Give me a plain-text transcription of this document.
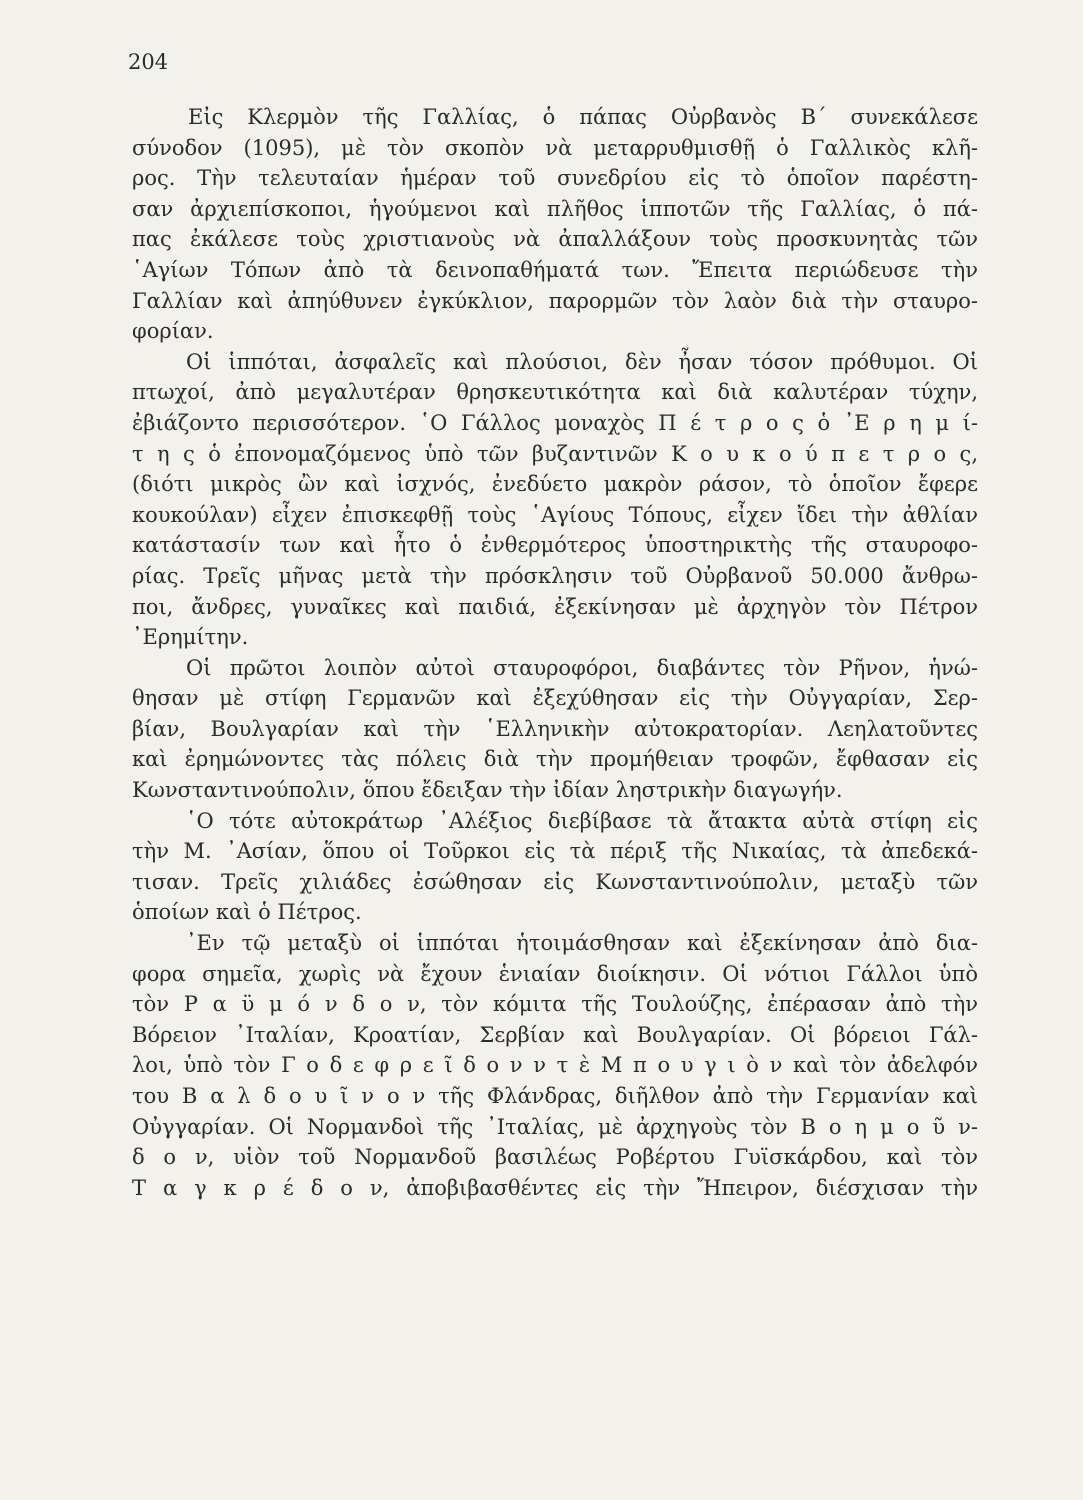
204
Εἰς Κλερμὸν τῆς Γαλλίας, ὁ πάπας Οὐρβανὸς Β΄ συνεκάλεσε
σύνοδον (1095), μὲ τὸν σκοπὸν νὰ μεταρρυθμισθῇ ὁ Γαλλικὸς κλῆ-
ρος. Τὴν τελευταίαν ἡμέραν τοῦ συνεδρίου εἰς τὸ ὁποῖον παρέστη-
σαν ἀρχιεπίσκοποι, ἡγούμενοι καὶ πλῆθος ἱπποτῶν τῆς Γαλλίας, ὁ πά-
πας ἐκάλεσε τοὺς χριστιανοὺς νὰ ἀπαλλάξουν τοὺς προσκυνητὰς τῶν
῾Αγίων Τόπων ἀπὸ τὰ δεινοπαθήματά των. Ἔπειτα περιώδευσε τὴν
Γαλλίαν καὶ ἀπηύθυνεν ἐγκύκλιον, παρορμῶν τὸν λαὸν διὰ τὴν σταυρο-
φορίαν.
Οἱ ἱππόται, ἀσφαλεῖς καὶ πλούσιοι, δὲν ἦσαν τόσον πρόθυμοι. Οἱ
πτωχοί, ἀπὸ μεγαλυτέραν θρησκευτικότητα καὶ διὰ καλυτέραν τύχην,
ἐβιάζοντο περισσότερον. ῾Ο Γάλλος μοναχὸς Π έ τ ρ ο ς ὁ ᾿Ε ρ η μ ί-
τ η ς ὁ ἐπονομαζόμενος ὑπὸ τῶν βυζαντινῶν Κ ο υ κ ο ύ π ε τ ρ ο ς,
(διότι μικρὸς ὢν καὶ ἰσχνός, ἐνεδύετο μακρὸν ράσον, τὸ ὁποῖον ἔφερε
κουκούλαν) εἶχεν ἐπισκεφθῇ τοὺς ῾Αγίους Τόπους, εἶχεν ἴδει τὴν ἀθλίαν
κατάστασίν των καὶ ἦτο ὁ ἐνθερμότερος ὑποστηρικτὴς τῆς σταυροφο-
ρίας. Τρεῖς μῆνας μετὰ τὴν πρόσκλησιν τοῦ Οὐρβανοῦ 50.000 ἄνθρω-
ποι, ἄνδρες, γυναῖκες καὶ παιδιά, ἐξεκίνησαν μὲ ἀρχηγὸν τὸν Πέτρον
᾿Ερημίτην.
Οἱ πρῶτοι λοιπὸν αὐτοὶ σταυροφόροι, διαβάντες τὸν Ρῆνον, ἡνώ-
θησαν μὲ στίφη Γερμανῶν καὶ ἐξεχύθησαν εἰς τὴν Οὐγγαρίαν, Σερ-
βίαν, Βουλγαρίαν καὶ τὴν ῾Ελληνικὴν αὐτοκρατορίαν. Λεηλατοῦντες
καὶ ἐρημώνοντες τὰς πόλεις διὰ τὴν προμήθειαν τροφῶν, ἔφθασαν εἰς
Κωνσταντινούπολιν, ὅπου ἔδειξαν τὴν ἰδίαν ληστρικὴν διαγωγήν.
῾Ο τότε αὐτοκράτωρ ᾿Αλέξιος διεβίβασε τὰ ἄτακτα αὐτὰ στίφη εἰς
τὴν Μ. ᾿Ασίαν, ὅπου οἱ Τοῦρκοι εἰς τὰ πέριξ τῆς Νικαίας, τὰ ἀπεδεκά-
τισαν. Τρεῖς χιλιάδες ἐσώθησαν εἰς Κωνσταντινούπολιν, μεταξὺ τῶν
ὁποίων καὶ ὁ Πέτρος.
᾿Εν τῷ μεταξὺ οἱ ἱππόται ἡτοιμάσθησαν καὶ ἐξεκίνησαν ἀπὸ δια-
φορα σημεῖα, χωρὶς νὰ ἔχουν ἑνιαίαν διοίκησιν. Οἱ νότιοι Γάλλοι ὑπὸ
τὸν Ρ α ϋ μ ό ν δ ο ν, τὸν κόμιτα τῆς Τουλούζης, ἐπέρασαν ἀπὸ τὴν
Βόρειον ᾿Ιταλίαν, Κροατίαν, Σερβίαν καὶ Βουλγαρίαν. Οἱ βόρειοι Γάλ-
λοι, ὑπὸ τὸν Γ ο δ ε φ ρ ε ῖ δ ο ν ν τ ὲ Μ π ο υ γ ι ὸ ν καὶ τὸν ἀδελφόν
του Β α λ δ ο υ ῖ ν ο ν τῆς Φλάνδρας, διῆλθον ἀπὸ τὴν Γερμανίαν καὶ
Οὐγγαρίαν. Οἱ Νορμανδοὶ τῆς ᾿Ιταλίας, μὲ ἀρχηγοὺς τὸν Β ο η μ ο ῦ ν-
δ ο ν, υἱὸν τοῦ Νορμανδοῦ βασιλέως Ροβέρτου Γυϊσκάρδου, καὶ τὸν
Τ α γ κ ρ έ δ ο ν, ἀποβιβασθέντες εἰς τὴν Ἤπειρον, διέσχισαν τὴν
